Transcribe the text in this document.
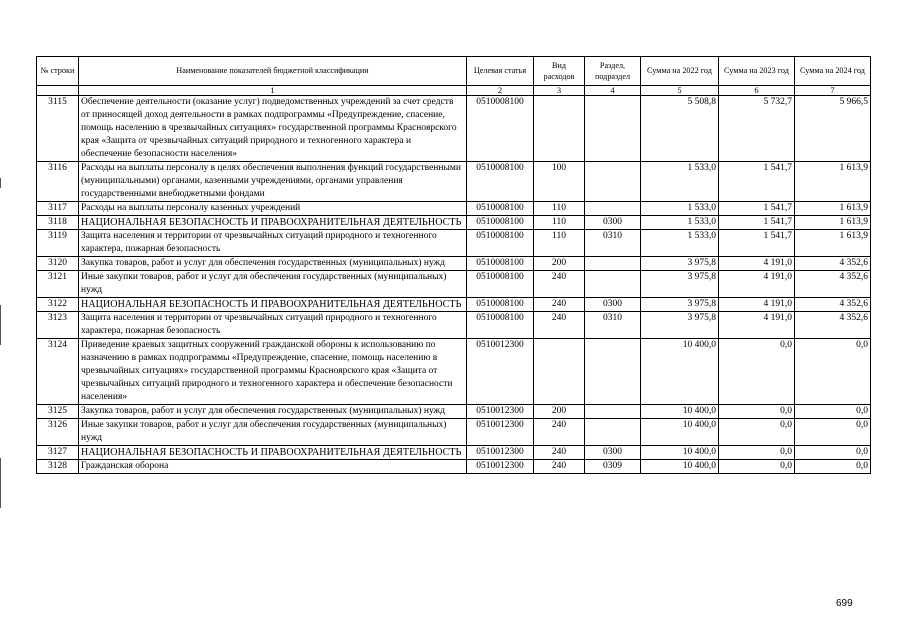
№ строки	Наименование показателей бюджетной классификации	Целевая статья	Вид расходов	Раздел, подраздел	Сумма на 2022 год	Сумма на 2023 год	Сумма на 2024 год
	1	2	3	4	5	6	7
3115	Обеспечение деятельности (оказание услуг) подведомственных учреждений за счет средств от приносящей доход деятельности в рамках подпрограммы «Предупреждение, спасение, помощь населению в чрезвычайных ситуациях» государственной программы Красноярского края «Защита от чрезвычайных ситуаций природного и техногенного характера и обеспечение безопасности населения»	0510008100			5 508,8	5 732,7	5 966,5
3116	Расходы на выплаты персоналу в целях обеспечения выполнения функций государственными (муниципальными) органами, казенными учреждениями, органами управления государственными внебюджетными фондами	0510008100	100		1 533,0	1 541,7	1 613,9
3117	Расходы на выплаты персоналу казенных учреждений	0510008100	110		1 533,0	1 541,7	1 613,9
3118	НАЦИОНАЛЬНАЯ БЕЗОПАСНОСТЬ И ПРАВООХРАНИТЕЛЬНАЯ ДЕЯТЕЛЬНОСТЬ	0510008100	110	0300	1 533,0	1 541,7	1 613,9
3119	Защита населения и территории от чрезвычайных ситуаций природного и техногенного характера, пожарная безопасность	0510008100	110	0310	1 533,0	1 541,7	1 613,9
3120	Закупка товаров, работ и услуг для обеспечения государственных (муниципальных) нужд	0510008100	200		3 975,8	4 191,0	4 352,6
3121	Иные закупки товаров, работ и услуг для обеспечения государственных (муниципальных) нужд	0510008100	240		3 975,8	4 191,0	4 352,6
3122	НАЦИОНАЛЬНАЯ БЕЗОПАСНОСТЬ И ПРАВООХРАНИТЕЛЬНАЯ ДЕЯТЕЛЬНОСТЬ	0510008100	240	0300	3 975,8	4 191,0	4 352,6
3123	Защита населения и территории от чрезвычайных ситуаций природного и техногенного характера, пожарная безопасность	0510008100	240	0310	3 975,8	4 191,0	4 352,6
3124	Приведение краевых защитных сооружений гражданской обороны к использованию по назначению в рамках подпрограммы «Предупреждение, спасение, помощь населению в чрезвычайных ситуациях» государственной программы Красноярского края «Защита от чрезвычайных ситуаций природного и техногенного характера и обеспечение безопасности населения»	0510012300			10 400,0	0,0	0,0
3125	Закупка товаров, работ и услуг для обеспечения государственных (муниципальных) нужд	0510012300	200		10 400,0	0,0	0,0
3126	Иные закупки товаров, работ и услуг для обеспечения государственных (муниципальных) нужд	0510012300	240		10 400,0	0,0	0,0
3127	НАЦИОНАЛЬНАЯ БЕЗОПАСНОСТЬ И ПРАВООХРАНИТЕЛЬНАЯ ДЕЯТЕЛЬНОСТЬ	0510012300	240	0300	10 400,0	0,0	0,0
3128	Гражданская оборона	0510012300	240	0309	10 400,0	0,0	0,0
699
